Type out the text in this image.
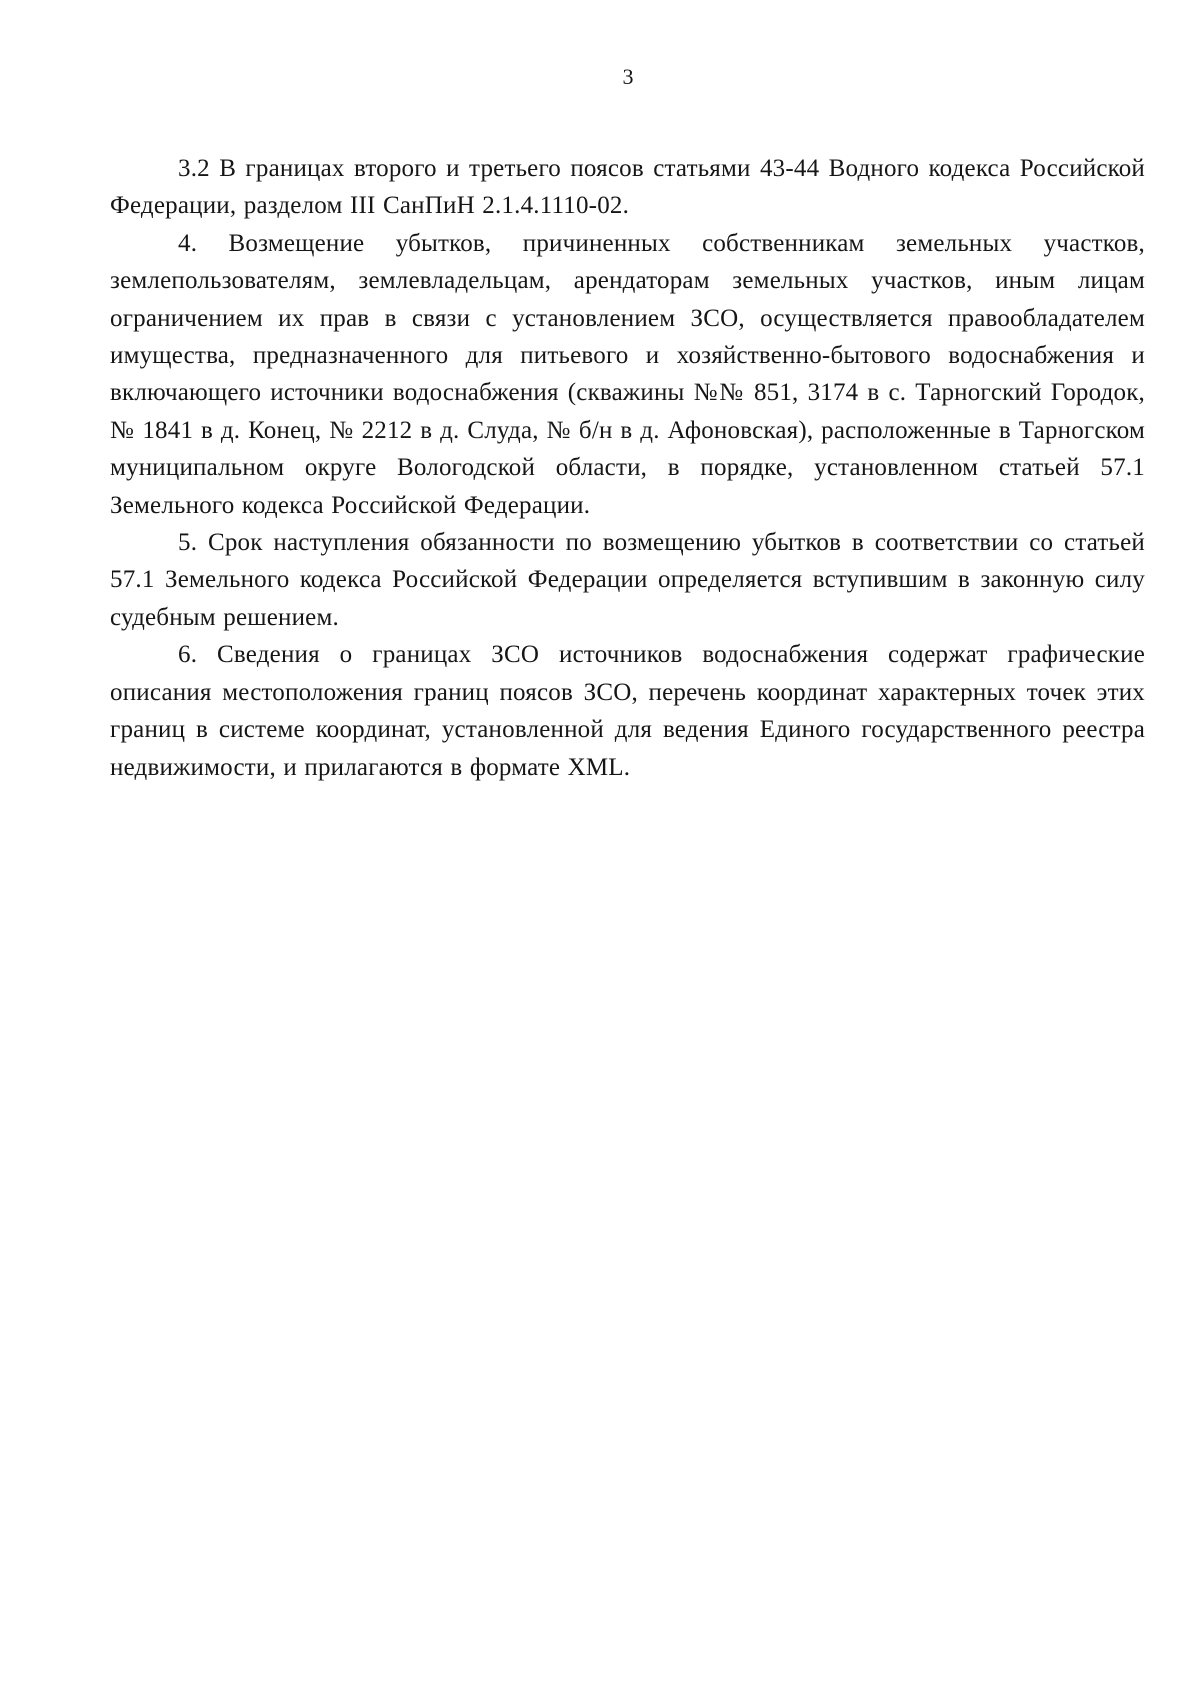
3

3.2 В границах второго и третьего поясов статьями 43-44 Водного кодекса Российской Федерации, разделом III СанПиН 2.1.4.1110-02.

4. Возмещение убытков, причиненных собственникам земельных участков, землепользователям, землевладельцам, арендаторам земельных участков, иным лицам ограничением их прав в связи с установлением ЗСО, осуществляется правообладателем имущества, предназначенного для питьевого и хозяйственно-бытового водоснабжения и включающего источники водоснабжения (скважины №№ 851, 3174 в с. Тарногский Городок, № 1841 в д. Конец, № 2212 в д. Слуда, № б/н в д. Афоновская), расположенные в Тарногском муниципальном округе Вологодской области, в порядке, установленном статьей 57.1 Земельного кодекса Российской Федерации.

5. Срок наступления обязанности по возмещению убытков в соответствии со статьей 57.1 Земельного кодекса Российской Федерации определяется вступившим в законную силу судебным решением.

6. Сведения о границах ЗСО источников водоснабжения содержат графические описания местоположения границ поясов ЗСО, перечень координат характерных точек этих границ в системе координат, установленной для ведения Единого государственного реестра недвижимости, и прилагаются в формате XML.
